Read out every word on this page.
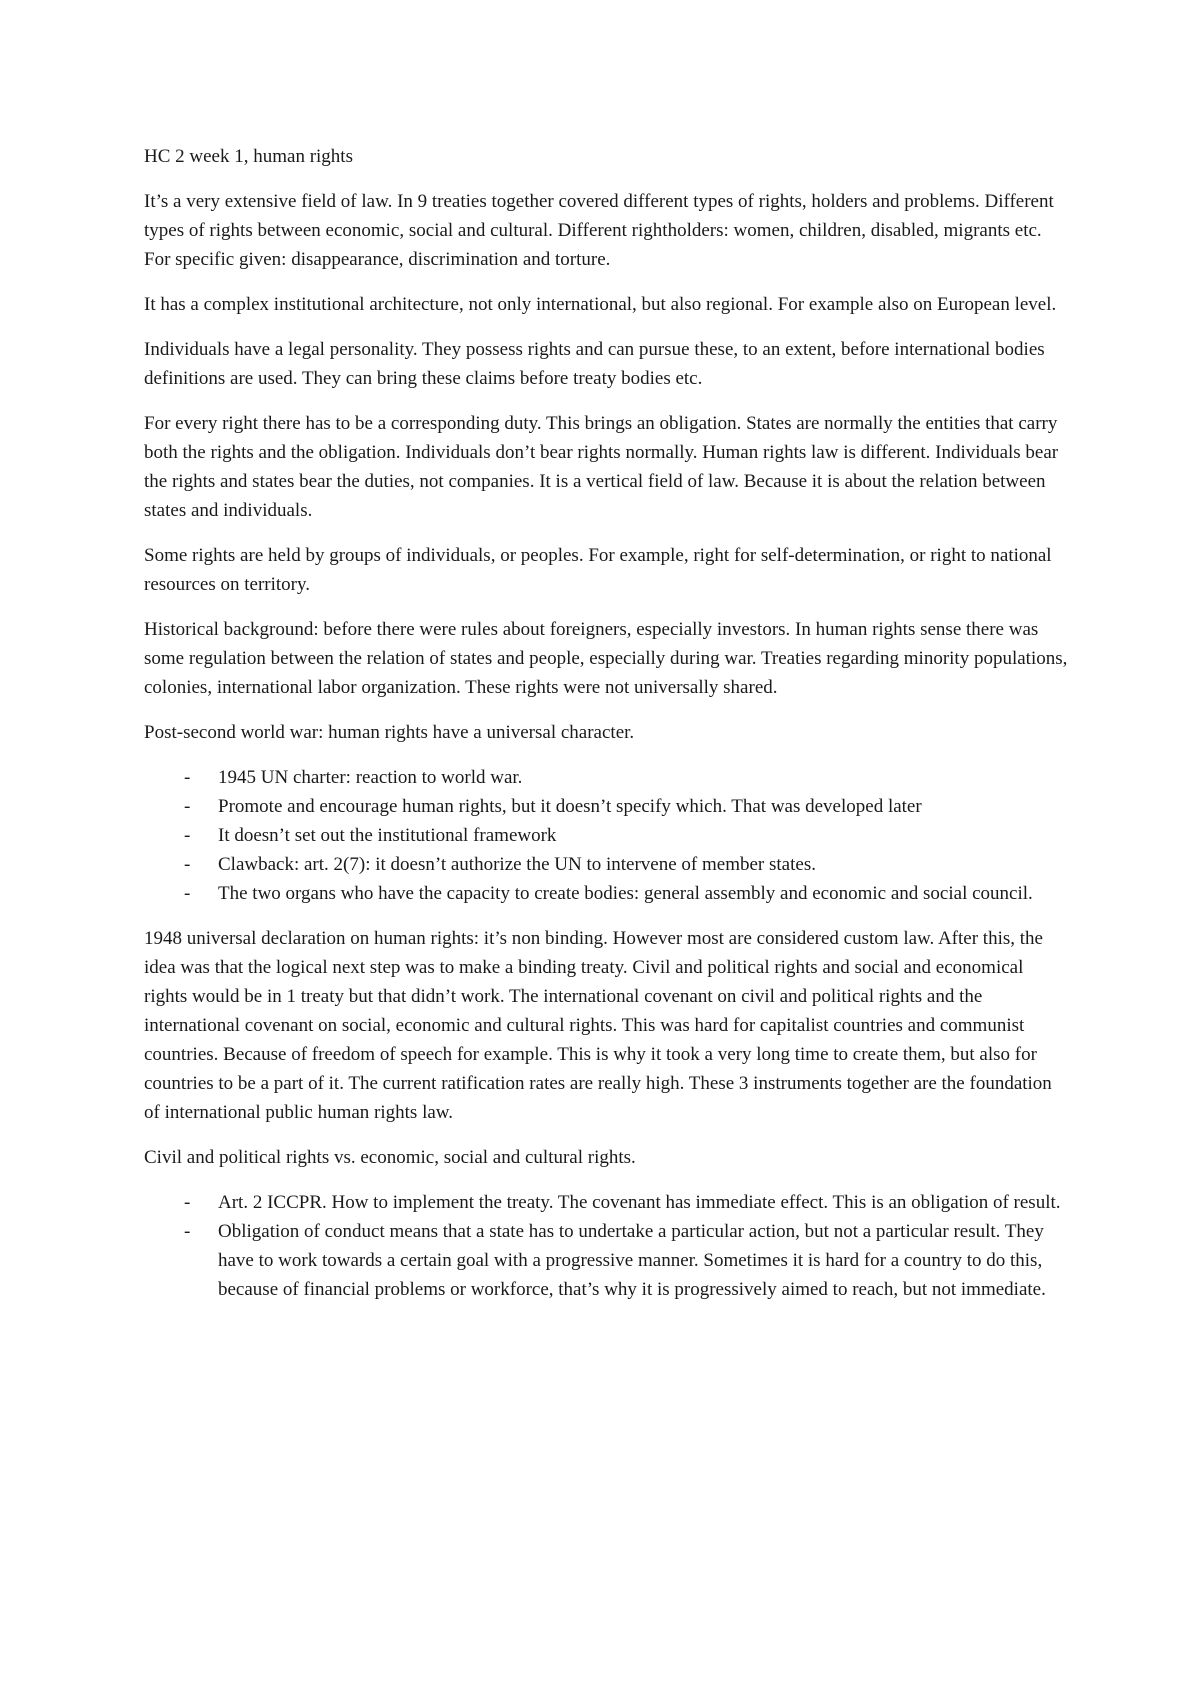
HC 2 week 1, human rights

It’s a very extensive field of law. In 9 treaties together covered different types of rights, holders and problems. Different types of rights between economic, social and cultural. Different rightholders: women, children, disabled, migrants etc. For specific given: disappearance, discrimination and torture.

It has a complex institutional architecture, not only international, but also regional. For example also on European level.

Individuals have a legal personality. They possess rights and can pursue these, to an extent, before international bodies definitions are used. They can bring these claims before treaty bodies etc.

For every right there has to be a corresponding duty. This brings an obligation. States are normally the entities that carry both the rights and the obligation. Individuals don’t bear rights normally. Human rights law is different. Individuals bear the rights and states bear the duties, not companies. It is a vertical field of law. Because it is about the relation between states and individuals.

Some rights are held by groups of individuals, or peoples. For example, right for self-determination, or right to national resources on territory.

Historical background: before there were rules about foreigners, especially investors. In human rights sense there was some regulation between the relation of states and people, especially during war. Treaties regarding minority populations, colonies, international labor organization. These rights were not universally shared.

Post-second world war: human rights have a universal character.

- 1945 UN charter: reaction to world war.
- Promote and encourage human rights, but it doesn’t specify which. That was developed later
- It doesn’t set out the institutional framework
- Clawback: art. 2(7): it doesn’t authorize the UN to intervene of member states.
- The two organs who have the capacity to create bodies: general assembly and economic and social council.

1948 universal declaration on human rights: it’s non binding. However most are considered custom law. After this, the idea was that the logical next step was to make a binding treaty. Civil and political rights and social and economical rights would be in 1 treaty but that didn’t work. The international covenant on civil and political rights and the international covenant on social, economic and cultural rights. This was hard for capitalist countries and communist countries. Because of freedom of speech for example. This is why it took a very long time to create them, but also for countries to be a part of it. The current ratification rates are really high. These 3 instruments together are the foundation of international public human rights law.

Civil and political rights vs. economic, social and cultural rights.

- Art. 2 ICCPR. How to implement the treaty. The covenant has immediate effect. This is an obligation of result.
- Obligation of conduct means that a state has to undertake a particular action, but not a particular result. They have to work towards a certain goal with a progressive manner. Sometimes it is hard for a country to do this, because of financial problems or workforce, that’s why it is progressively aimed to reach, but not immediate.
